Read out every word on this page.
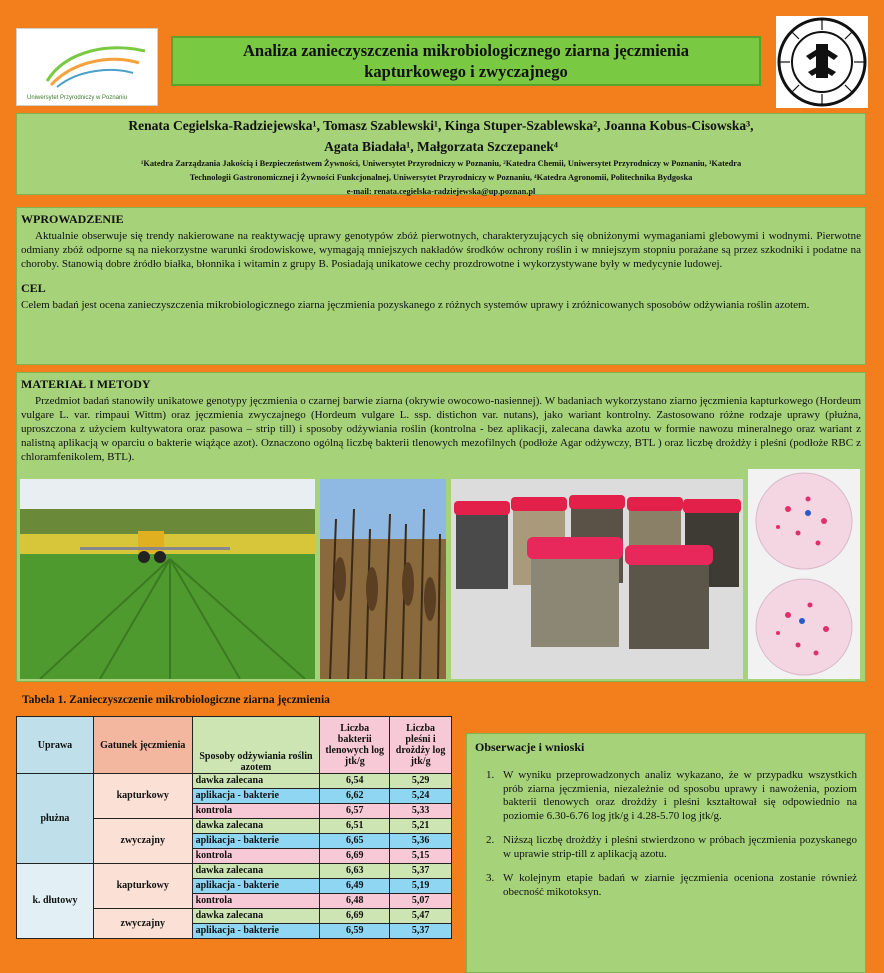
Uniwersytet Przyrodniczy w Poznaniu
Analiza zanieczyszczenia mikrobiologicznego ziarna jęczmienia
kapturkowego i zwyczajnego
Renata Cegielska-Radziejewska¹, Tomasz Szablewski¹, Kinga Stuper-Szablewska², Joanna Kobus-Cisowska³,
Agata Biadała¹, Małgorzata Szczepanek⁴
¹Katedra Zarządzania Jakością i Bezpieczeństwem Żywności, Uniwersytet Przyrodniczy w Poznaniu, ²Katedra Chemii, Uniwersytet Przyrodniczy w Poznaniu, ³Katedra
Technologii Gastronomicznej i Żywności Funkcjonalnej, Uniwersytet Przyrodniczy w Poznaniu, ⁴Katedra Agronomii, Politechnika Bydgoska
e-mail: renata.cegielska-radziejewska@up.poznan.pl
WPROWADZENIE

Aktualnie obserwuje się trendy nakierowane na reaktywację uprawy genotypów zbóż pierwotnych, charakteryzujących się obniżonymi wymaganiami glebowymi i wodnymi. Pierwotne odmiany zbóż odporne są na niekorzystne warunki środowiskowe, wymagają mniejszych nakładów środków ochrony roślin i w mniejszym stopniu porażane są przez szkodniki i podatne na choroby. Stanowią dobre źródło białka, błonnika i witamin z grupy B. Posiadają unikatowe cechy prozdrowotne i wykorzystywane były w medycynie ludowej.

CEL

Celem badań jest ocena zanieczyszczenia mikrobiologicznego ziarna jęczmienia pozyskanego z różnych systemów uprawy i zróżnicowanych sposobów odżywiania roślin azotem.

MATERIAŁ I METODY

Przedmiot badań stanowiły unikatowe genotypy jęczmienia o czarnej barwie ziarna (okrywie owocowo-nasiennej). W badaniach wykorzystano ziarno jęczmienia kapturkowego (Hordeum vulgare L. var. rimpaui Wittm) oraz jęczmienia zwyczajnego (Hordeum vulgare L. ssp. distichon var. nutans), jako wariant kontrolny. Zastosowano różne rodzaje uprawy (płużna, uproszczona z użyciem kultywatora oraz pasowa – strip till) i sposoby odżywiania roślin (kontrolna - bez aplikacji, zalecana dawka azotu w formie nawozu mineralnego oraz wariant z nalistną aplikacją w oparciu o bakterie wiążące azot). Oznaczono ogólną liczbę bakterii tlenowych mezofilnych (podłoże Agar odżywczy, BTL ) oraz liczbę drożdży i pleśni (podłoże RBC z chloramfenikolem, BTL).

Tabela 1. Zanieczyszczenie mikrobiologiczne ziarna jęczmienia
Uprawa	Gatunek jęczmienia	Sposoby odżywiania roślin azotem	Liczba bakterii tlenowych log jtk/g	Liczba pleśni i drożdży log jtk/g
płużna	kapturkowy	dawka zalecana	6,54	5,29
		aplikacja - bakterie	6,62	5,24
		kontrola	6,57	5,33
	zwyczajny	dawka zalecana	6,51	5,21
		aplikacja - bakterie	6,65	5,36
		kontrola	6,69	5,15
k. dłutowy	kapturkowy	dawka zalecana	6,63	5,37
		aplikacja - bakterie	6,49	5,19
		kontrola	6,48	5,07
	zwyczajny	dawka zalecana	6,69	5,47
		aplikacja - bakterie	6,59	5,37
Obserwacje i wnioski
1. W wyniku przeprowadzonych analiz wykazano, że w przypadku wszystkich prób ziarna jęczmienia, niezależnie od sposobu uprawy i nawożenia, poziom bakterii tlenowych oraz drożdży i pleśni kształtował się odpowiednio na poziomie 6.30-6.76 log jtk/g i 4.28-5.70 log jtk/g.
2. Niższą liczbę drożdży i pleśni stwierdzono w próbach jęczmienia pozyskanego w uprawie strip-till z aplikacją azotu.
3. W kolejnym etapie badań w ziarnie jęczmienia oceniona zostanie również obecność mikotoksyn.
